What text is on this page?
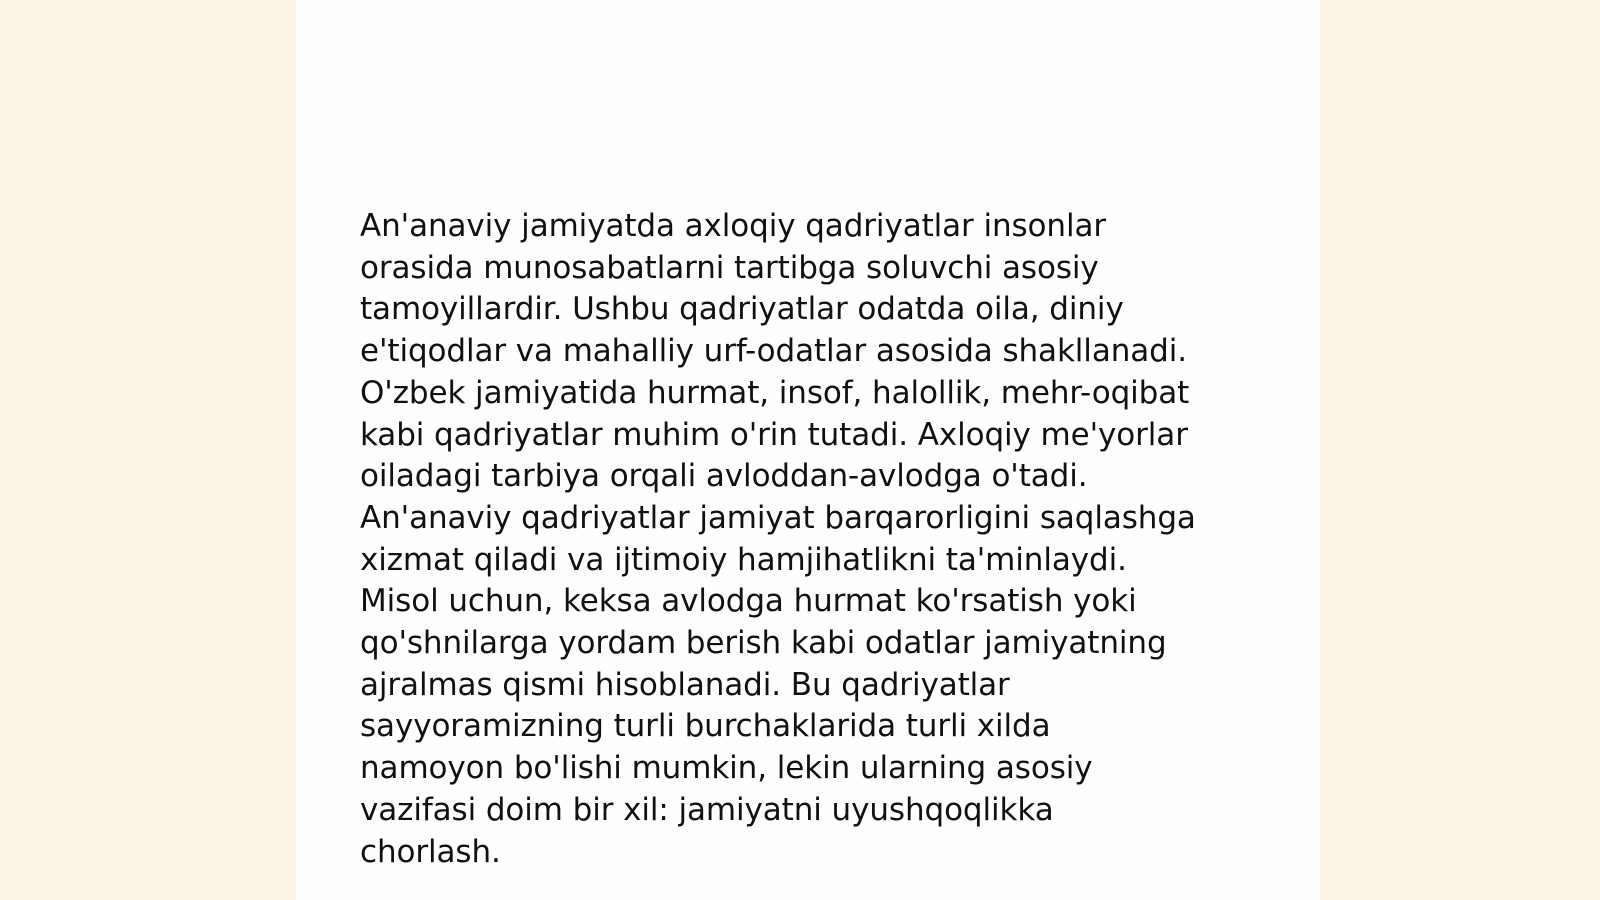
An'anaviy jamiyatda axloqiy qadriyatlar insonlar
orasida munosabatlarni tartibga soluvchi asosiy
tamoyillardir. Ushbu qadriyatlar odatda oila, diniy
e'tiqodlar va mahalliy urf-odatlar asosida shakllanadi.
O'zbek jamiyatida hurmat, insof, halollik, mehr-oqibat
kabi qadriyatlar muhim o'rin tutadi. Axloqiy me'yorlar
oiladagi tarbiya orqali avloddan-avlodga o'tadi.
An'anaviy qadriyatlar jamiyat barqarorligini saqlashga
xizmat qiladi va ijtimoiy hamjihatlikni ta'minlaydi.
Misol uchun, keksa avlodga hurmat ko'rsatish yoki
qo'shnilarga yordam berish kabi odatlar jamiyatning
ajralmas qismi hisoblanadi. Bu qadriyatlar
sayyoramizning turli burchaklarida turli xilda
namoyon bo'lishi mumkin, lekin ularning asosiy
vazifasi doim bir xil: jamiyatni uyushqoqlikka
chorlash.
